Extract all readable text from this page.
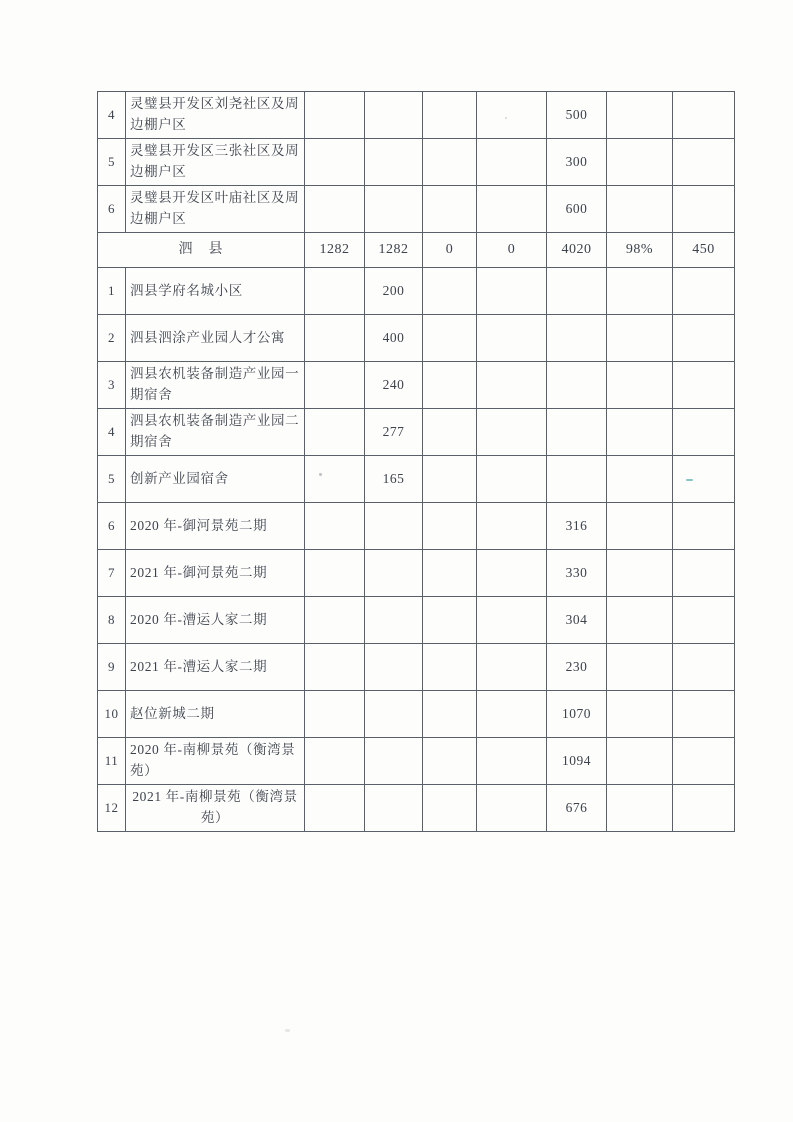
4	灵璧县开发区刘尧社区及周边棚户区					500		
5	灵璧县开发区三张社区及周边棚户区					300		
6	灵璧县开发区叶庙社区及周边棚户区					600		
泗　县		1282	1282	0	0	4020	98%	450
1	泗县学府名城小区		200					
2	泗县泗涂产业园人才公寓		400					
3	泗县农机装备制造产业园一期宿舍		240					
4	泗县农机装备制造产业园二期宿舍		277					
5	创新产业园宿舍		165					
6	2020 年-御河景苑二期					316		
7	2021 年-御河景苑二期					330		
8	2020 年-漕运人家二期					304		
9	2021 年-漕运人家二期					230		
10	赵位新城二期					1070		
11	2020 年-南柳景苑（衡湾景苑）					1094		
12	2021 年-南柳景苑（衡湾景苑）					676		
